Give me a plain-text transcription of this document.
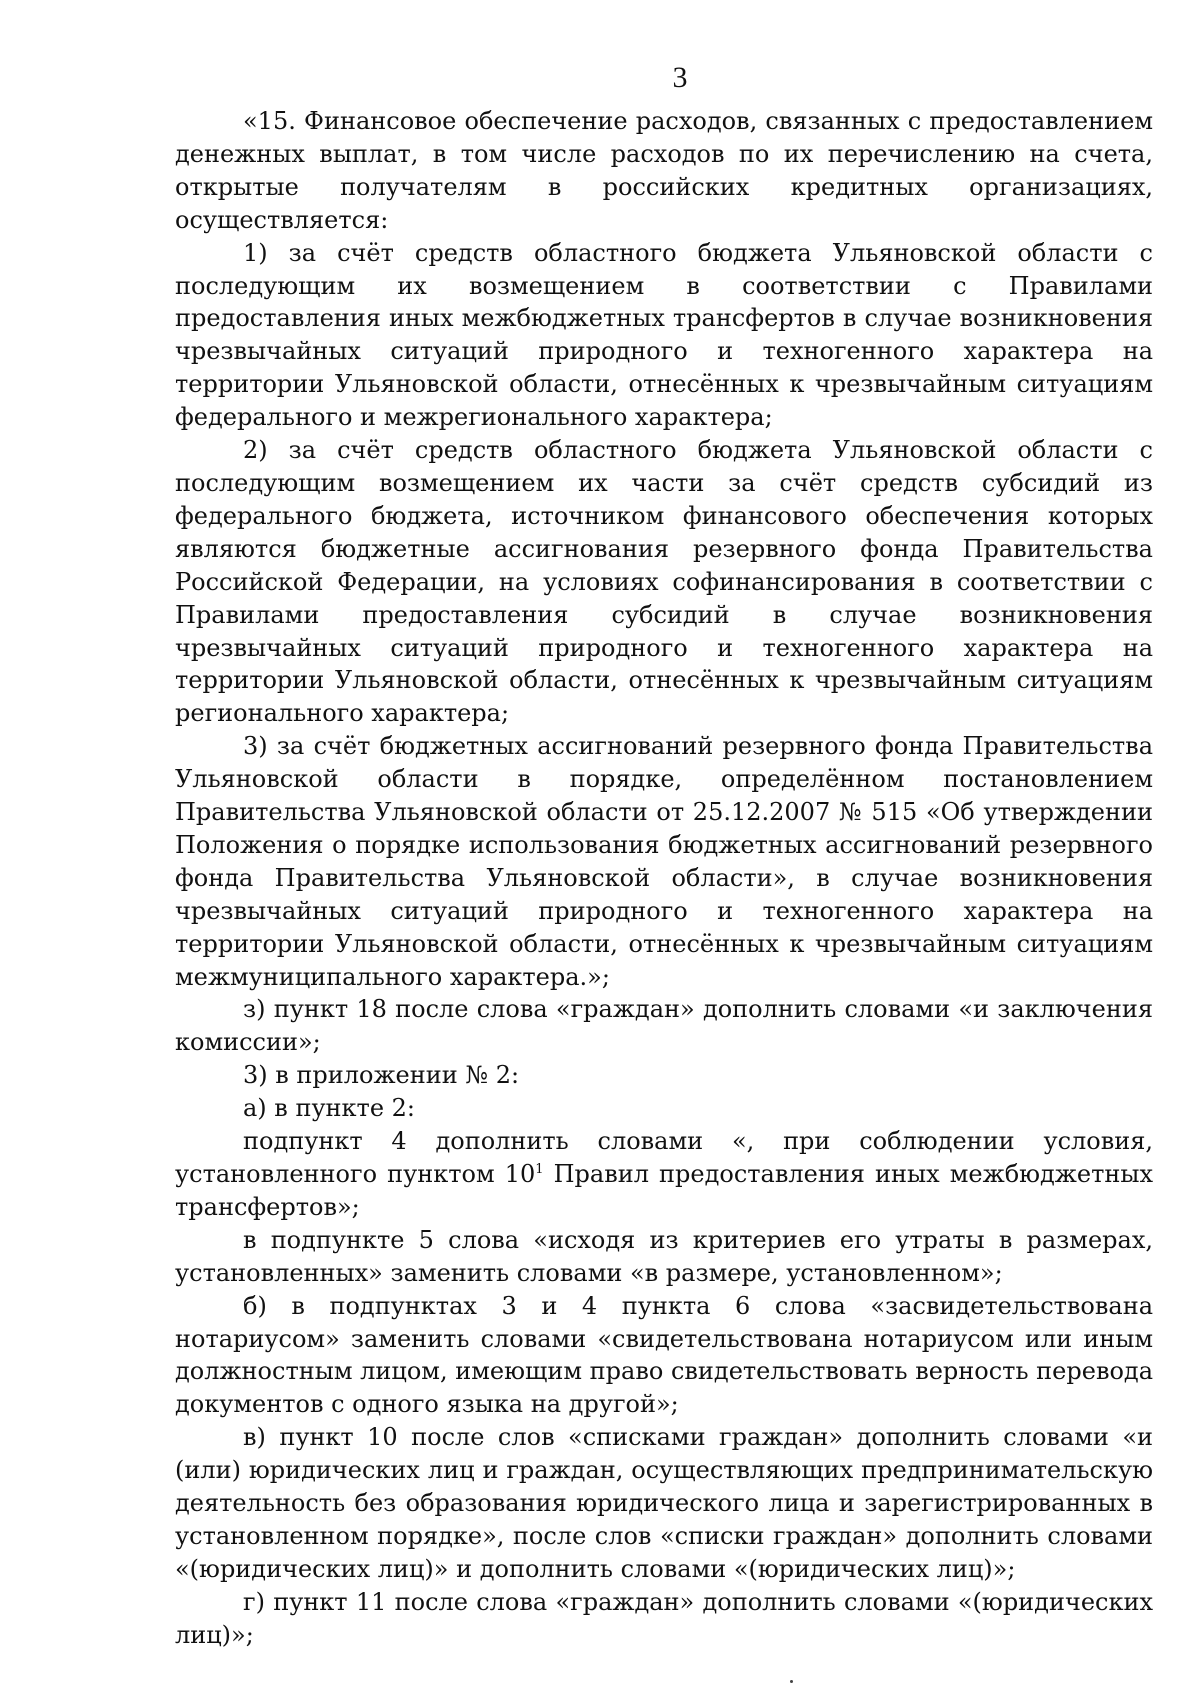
3

«15. Финансовое обеспечение расходов, связанных с предоставлением денежных выплат, в том числе расходов по их перечислению на счета, открытые получателям в российских кредитных организациях, осуществляется:

1) за счёт средств областного бюджета Ульяновской области с последующим их возмещением в соответствии с Правилами предоставления иных межбюджетных трансфертов в случае возникновения чрезвычайных ситуаций природного и техногенного характера на территории Ульяновской области, отнесённых к чрезвычайным ситуациям федерального и межрегионального характера;

2) за счёт средств областного бюджета Ульяновской области с последующим возмещением их части за счёт средств субсидий из федерального бюджета, источником финансового обеспечения которых являются бюджетные ассигнования резервного фонда Правительства Российской Федерации, на условиях софинансирования в соответствии с Правилами предоставления субсидий в случае возникновения чрезвычайных ситуаций природного и техногенного характера на территории Ульяновской области, отнесённых к чрезвычайным ситуациям регионального характера;

3) за счёт бюджетных ассигнований резервного фонда Правительства Ульяновской области в порядке, определённом постановлением Правительства Ульяновской области от 25.12.2007 № 515 «Об утверждении Положения о порядке использования бюджетных ассигнований резервного фонда Правительства Ульяновской области», в случае возникновения чрезвычайных ситуаций природного и техногенного характера на территории Ульяновской области, отнесённых к чрезвычайным ситуациям межмуниципального характера.»;

з) пункт 18 после слова «граждан» дополнить словами «и заключения комиссии»;

3) в приложении № 2:

а) в пункте 2:

подпункт 4 дополнить словами «, при соблюдении условия, установленного пунктом $10^1$ Правил предоставления иных межбюджетных трансфертов»;

в подпункте 5 слова «исходя из критериев его утраты в размерах, установленных» заменить словами «в размере, установленном»;

б) в подпунктах 3 и 4 пункта 6 слова «засвидетельствована нотариусом» заменить словами «свидетельствована нотариусом или иным должностным лицом, имеющим право свидетельствовать верность перевода документов с одного языка на другой»;

в) пункт 10 после слов «списками граждан» дополнить словами «и (или) юридических лиц и граждан, осуществляющих предпринимательскую деятельность без образования юридического лица и зарегистрированных в установленном порядке», после слов «списки граждан» дополнить словами «(юридических лиц)» и дополнить словами «(юридических лиц)»;

г) пункт 11 после слова «граждан» дополнить словами «(юридических лиц)»;
